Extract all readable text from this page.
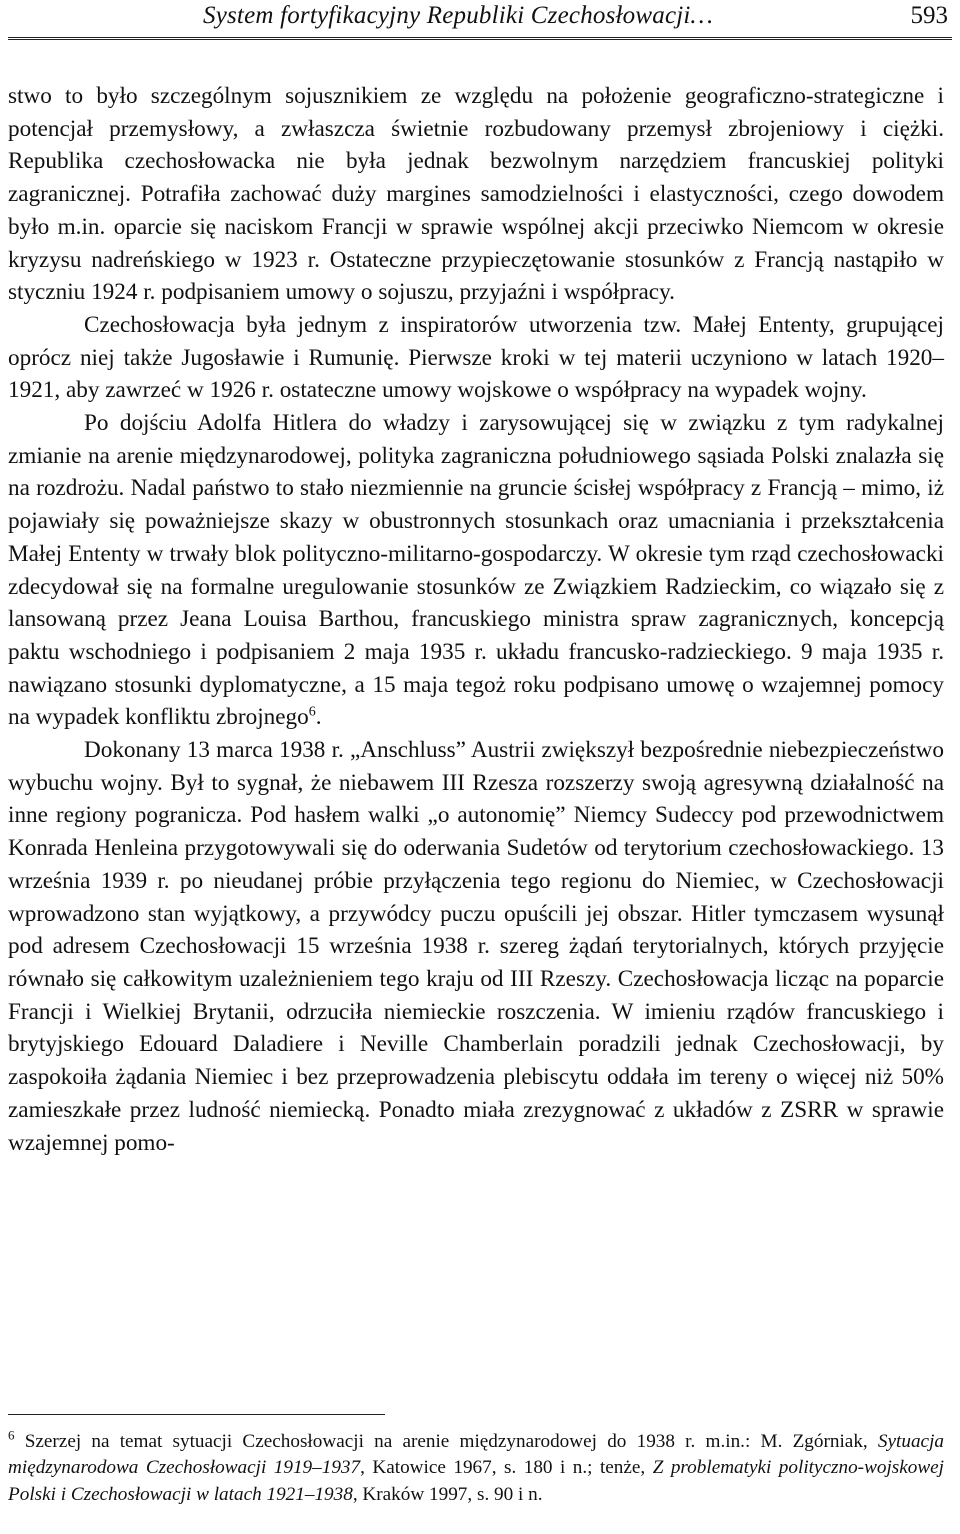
System fortyfikacyjny Republiki Czechosłowacji…	593

stwo to było szczególnym sojusznikiem ze względu na położenie geograficzno-strategiczne i potencjał przemysłowy, a zwłaszcza świetnie rozbudowany przemysł zbrojeniowy i ciężki. Republika czechosłowacka nie była jednak bezwolnym narzędziem francuskiej polityki zagranicznej. Potrafiła zachować duży margines samodzielności i elastyczności, czego dowodem było m.in. oparcie się naciskom Francji w sprawie wspólnej akcji przeciwko Niemcom w okresie kryzysu nadreńskiego w 1923 r. Ostateczne przypieczętowanie stosunków z Francją nastąpiło w styczniu 1924 r. podpisaniem umowy o sojuszu, przyjaźni i współpracy.

Czechosłowacja była jednym z inspiratorów utworzenia tzw. Małej Ententy, grupującej oprócz niej także Jugosławie i Rumunię. Pierwsze kroki w tej materii uczyniono w latach 1920–1921, aby zawrzeć w 1926 r. ostateczne umowy wojskowe o współpracy na wypadek wojny.

Po dojściu Adolfa Hitlera do władzy i zarysowującej się w związku z tym radykalnej zmianie na arenie międzynarodowej, polityka zagraniczna południowego sąsiada Polski znalazła się na rozdrożu. Nadal państwo to stało niezmiennie na gruncie ścisłej współpracy z Francją – mimo, iż pojawiały się poważniejsze skazy w obustronnych stosunkach oraz umacniania i przekształcenia Małej Ententy w trwały blok polityczno-militarno-gospodarczy. W okresie tym rząd czechosłowacki zdecydował się na formalne uregulowanie stosunków ze Związkiem Radzieckim, co wiązało się z lansowaną przez Jeana Louisa Barthou, francuskiego ministra spraw zagranicznych, koncepcją paktu wschodniego i podpisaniem 2 maja 1935 r. układu francusko-radzieckiego. 9 maja 1935 r. nawiązano stosunki dyplomatyczne, a 15 maja tegoż roku podpisano umowę o wzajemnej pomocy na wypadek konfliktu zbrojnego$^6$.

Dokonany 13 marca 1938 r. „Anschluss” Austrii zwiększył bezpośrednie niebezpieczeństwo wybuchu wojny. Był to sygnał, że niebawem III Rzesza rozszerzy swoją agresywną działalność na inne regiony pogranicza. Pod hasłem walki „o autonomię” Niemcy Sudeccy pod przewodnictwem Konrada Henleina przygotowywali się do oderwania Sudetów od terytorium czechosłowackiego. 13 września 1939 r. po nieudanej próbie przyłączenia tego regionu do Niemiec, w Czechosłowacji wprowadzono stan wyjątkowy, a przywódcy puczu opuścili jej obszar. Hitler tymczasem wysunął pod adresem Czechosłowacji 15 września 1938 r. szereg żądań terytorialnych, których przyjęcie równało się całkowitym uzależnieniem tego kraju od III Rzeszy. Czechosłowacja licząc na poparcie Francji i Wielkiej Brytanii, odrzuciła niemieckie roszczenia. W imieniu rządów francuskiego i brytyjskiego Edouard Daladiere i Neville Chamberlain poradzili jednak Czechosłowacji, by zaspokoiła żądania Niemiec i bez przeprowadzenia plebiscytu oddała im tereny o więcej niż 50% zamieszkałe przez ludność niemiecką. Ponadto miała zrezygnować z układów z ZSRR w sprawie wzajemnej pomo-

$^6$ Szerzej na temat sytuacji Czechosłowacji na arenie międzynarodowej do 1938 r. m.in.: M. Zgórniak, Sytuacja międzynarodowa Czechosłowacji 1919–1937, Katowice 1967, s. 180 i n.; tenże, Z problematyki polityczno-wojskowej Polski i Czechosłowacji w latach 1921–1938, Kraków 1997, s. 90 i n.
